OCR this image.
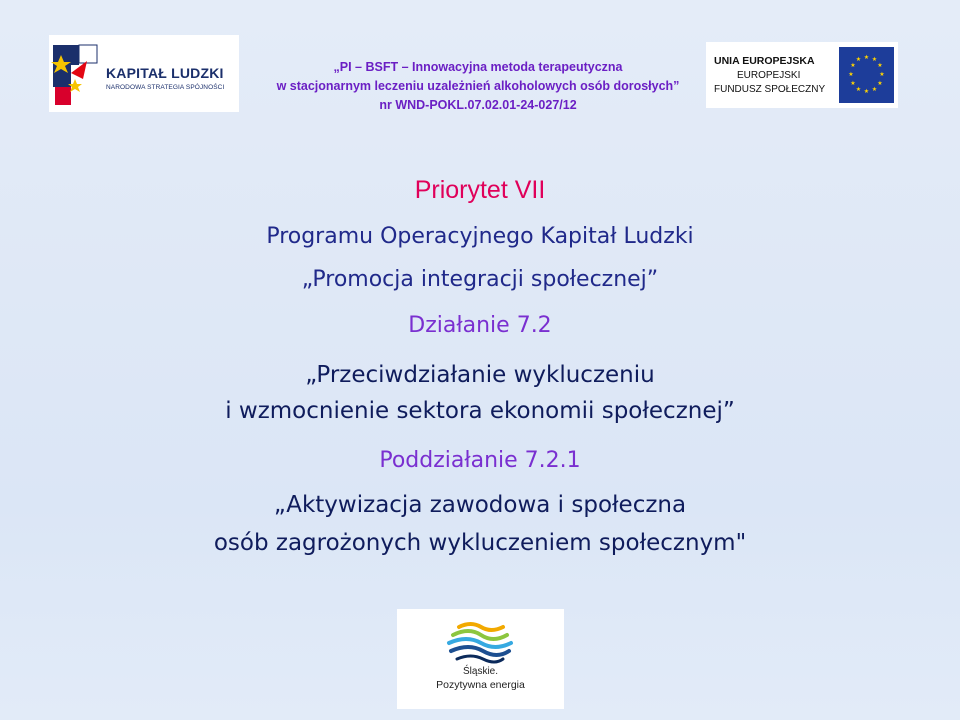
KAPITAŁ LUDZKI
NARODOWA STRATEGIA SPÓJNOŚCI
„PI – BSFT – Innowacyjna metoda terapeutyczna
w stacjonarnym leczeniu uzależnień alkoholowych osób dorosłych”
nr WND-POKL.07.02.01-24-027/12
UNIA EUROPEJSKA
EUROPEJSKI
FUNDUSZ SPOŁECZNY
★ ★
★
★
★
★
★
★
★
★
★
★
Priorytet VII
Programu Operacyjnego Kapitał Ludzki
„Promocja integracji społecznej”
Działanie 7.2
„Przeciwdziałanie wykluczeniu
i wzmocnienie sektora ekonomii społecznej”
Poddziałanie 7.2.1
„Aktywizacja zawodowa i społeczna
osób zagrożonych wykluczeniem społecznym"
Śląskie.
Pozytywna energia
